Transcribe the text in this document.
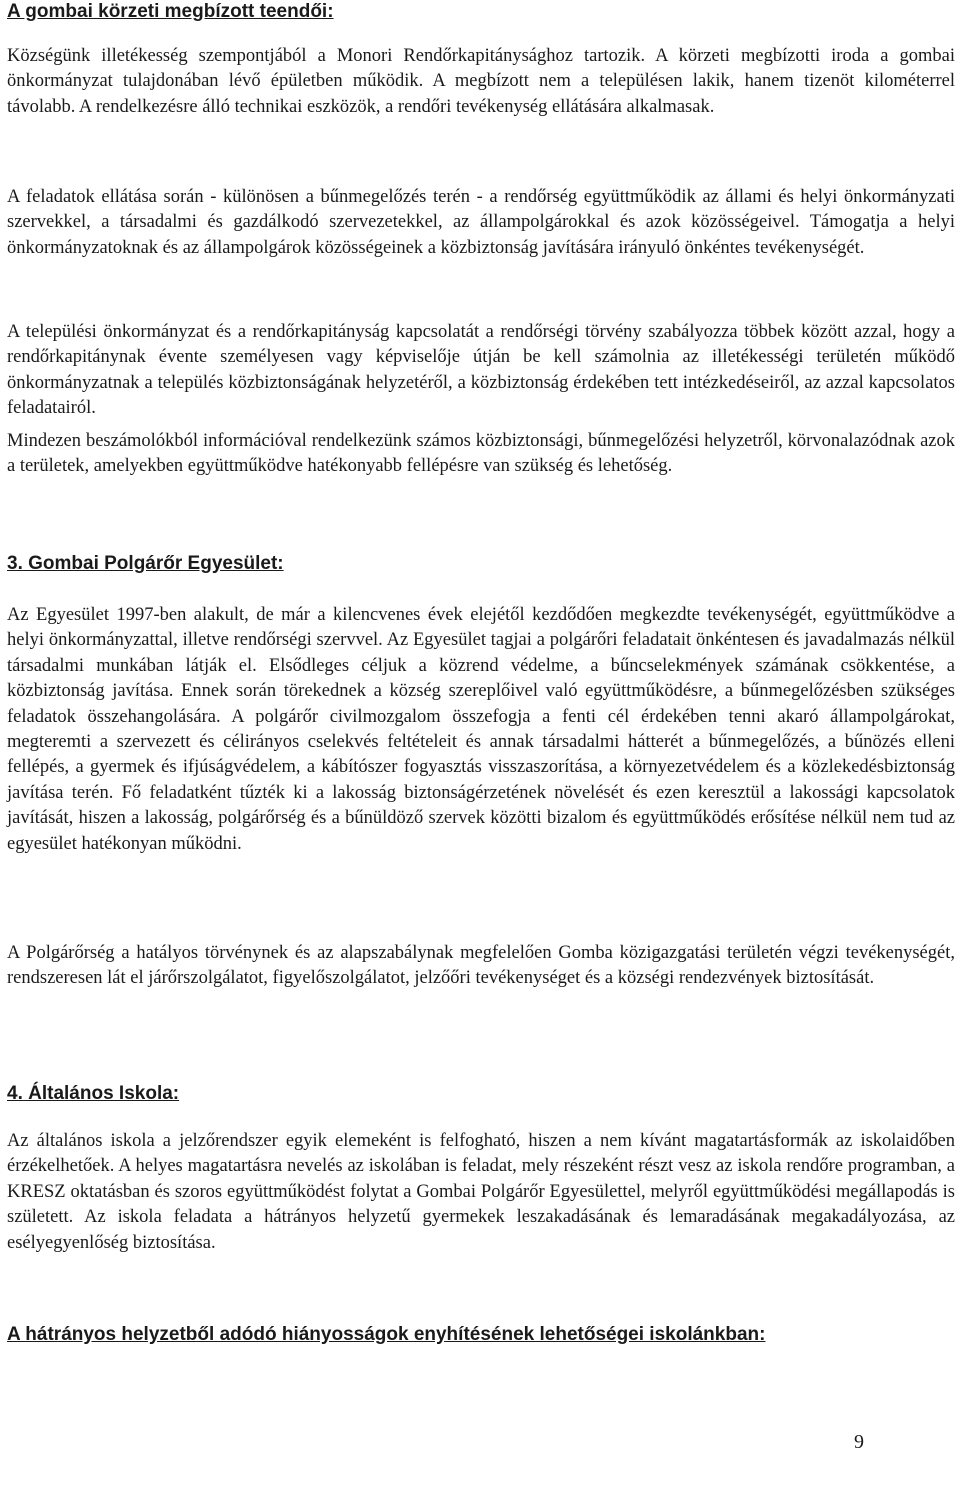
A gombai körzeti megbízott teendői:

Községünk illetékesség szempontjából a Monori Rendőrkapitánysághoz tartozik. A körzeti megbízotti iroda a gombai önkormányzat tulajdonában lévő épületben működik. A megbízott nem a településen lakik, hanem tizenöt kilométerrel távolabb. A rendelkezésre álló technikai eszközök, a rendőri tevékenység ellátására alkalmasak.

A feladatok ellátása során - különösen a bűnmegelőzés terén - a rendőrség együttműködik az állami és helyi önkormányzati szervekkel, a társadalmi és gazdálkodó szervezetekkel, az állampolgárokkal és azok közösségeivel. Támogatja a helyi önkormányzatoknak és az állampolgárok közösségeinek a közbiztonság javítására irányuló önkéntes tevékenységét.

A települési önkormányzat és a rendőrkapitányság kapcsolatát a rendőrségi törvény szabályozza többek között azzal, hogy a rendőrkapitánynak évente személyesen vagy képviselője útján be kell számolnia az illetékességi területén működő önkormányzatnak a település közbiztonságának helyzetéről, a közbiztonság érdekében tett intézkedéseiről, az azzal kapcsolatos feladatairól.

Mindezen beszámolókból információval rendelkezünk számos közbiztonsági, bűnmegelőzési helyzetről, körvonalazódnak azok a területek, amelyekben együttműködve hatékonyabb fellépésre van szükség és lehetőség.

3. Gombai Polgárőr Egyesület:

Az Egyesület 1997-ben alakult, de már a kilencvenes évek elejétől kezdődően megkezdte tevékenységét, együttműködve a helyi önkormányzattal, illetve rendőrségi szervvel. Az Egyesület tagjai a polgárőri feladatait önkéntesen és javadalmazás nélkül társadalmi munkában látják el. Elsődleges céljuk a közrend védelme, a bűncselekmények számának csökkentése, a közbiztonság javítása. Ennek során törekednek a község szereplőivel való együttműködésre, a bűnmegelőzésben szükséges feladatok összehangolására. A polgárőr civilmozgalom összefogja a fenti cél érdekében tenni akaró állampolgárokat, megteremti a szervezett és célirányos cselekvés feltételeit és annak társadalmi hátterét a bűnmegelőzés, a bűnözés elleni fellépés, a gyermek és ifjúságvédelem, a kábítószer fogyasztás visszaszorítása, a környezetvédelem és a közlekedésbiztonság javítása terén. Fő feladatként tűzték ki a lakosság biztonságérzetének növelését és ezen keresztül a lakossági kapcsolatok javítását, hiszen a lakosság, polgárőrség és a bűnüldöző szervek közötti bizalom és együttműködés erősítése nélkül nem tud az egyesület hatékonyan működni.

A Polgárőrség a hatályos törvénynek és az alapszabálynak megfelelően Gomba közigazgatási területén végzi tevékenységét, rendszeresen lát el járőrszolgálatot, figyelőszolgálatot, jelzőőri tevékenységet és a községi rendezvények biztosítását.

4. Általános Iskola:

Az általános iskola a jelzőrendszer egyik elemeként is felfogható, hiszen a nem kívánt magatartásformák az iskolaidőben érzékelhetőek. A helyes magatartásra nevelés az iskolában is feladat, mely részeként részt vesz az iskola rendőre programban, a KRESZ oktatásban és szoros együttműködést folytat a Gombai Polgárőr Egyesülettel, melyről együttműködési megállapodás is született. Az iskola feladata a hátrányos helyzetű gyermekek leszakadásának és lemaradásának megakadályozása, az esélyegyenlőség biztosítása.

A hátrányos helyzetből adódó hiányosságok enyhítésének lehetőségei iskolánkban:
9
